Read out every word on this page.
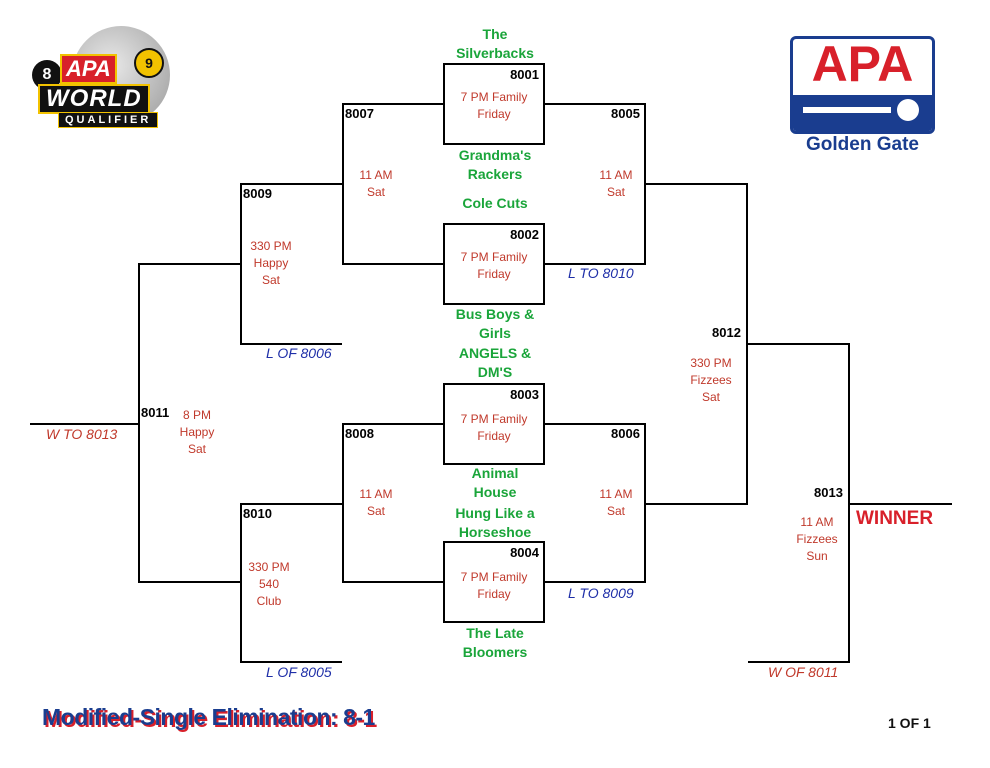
8 APA	9
WORLD
QUALIFIER
APA
Golden Gate
8001
7 PM Family
Friday
8002
7 PM Family
Friday
8003
7 PM Family
Friday
8004
7 PM Family
Friday
The
Silverbacks
Grandma's
Rackers
Cole Cuts
Bus Boys &
Girls
ANGELS &
DM'S
Animal
House
Hung Like a
Horseshoe
The Late
Bloomers
8007
11 AM
Sat
8005
11 AM
Sat
L TO 8010
8008
11 AM
Sat
8006
11 AM
Sat
L TO 8009
8009
330 PM
Happy
Sat
L OF 8006
8010
330 PM
540
Club
L OF 8005
8011	8 PM
Happy
Sat
W TO 8013
8012
330 PM
Fizzees
Sat
8013
11 AM
Fizzees
Sun
W OF 8011
WINNER
Modified-Single Elimination: 8-1	1 OF 1
